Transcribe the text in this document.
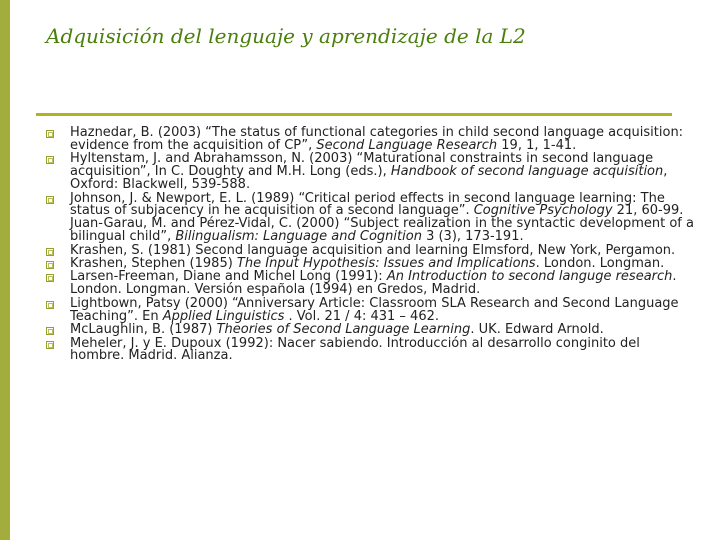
Adquisición del lenguaje y aprendizaje de la L2
Haznedar, B. (2003) “The status of functional categories in child second language acquisition: evidence from the acquisition of CP”, Second Language Research 19, 1, 1-41.
Hyltenstam, J. and Abrahamsson, N. (2003) “Maturational constraints in second language acquisition”, In C. Doughty and M.H. Long (eds.), Handbook of second language acquisition, Oxford: Blackwell, 539-588.
Johnson, J. & Newport, E. L. (1989) “Critical period effects in second language learning: The status of subjacency in he acquisition of a second language”. Cognitive Psychology 21, 60-99. Juan-Garau, M. and Pérez-Vidal, C. (2000) “Subject realization in the syntactic development of a bilingual child”, Bilingualism: Language and Cognition 3 (3), 173-191.
Krashen, S. (1981) Second language acquisition and learning Elmsford, New York, Pergamon.
Krashen, Stephen (1985) The Input Hypothesis: Issues and Implications. London. Longman.
Larsen-Freeman, Diane and Michel Long (1991): An Introduction to second languge research. London. Longman. Versión española (1994) en Gredos, Madrid.
Lightbown, Patsy (2000) “Anniversary Article: Classroom SLA Research and Second Language Teaching”. En Applied Linguistics . Vol. 21 / 4: 431 – 462.
McLaughlin, B. (1987) Theories of Second Language Learning. UK. Edward Arnold.
Meheler, J. y E. Dupoux (1992): Nacer sabiendo. Introducción al desarrollo conginito del hombre. Madrid. Alianza.
